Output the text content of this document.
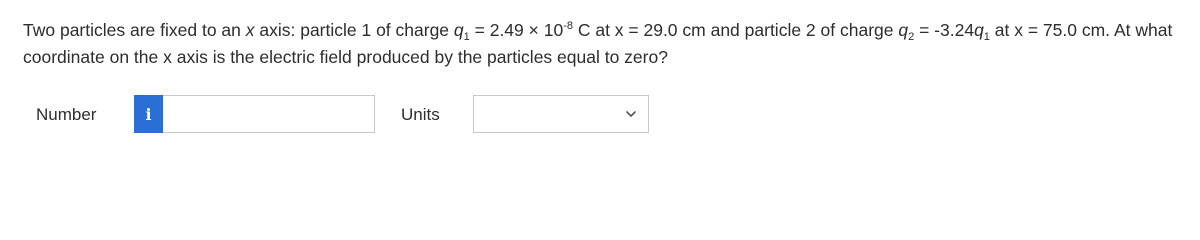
Two particles are fixed to an x axis: particle 1 of charge $q_1 = 2.49 \times 10^{-8}$ C at x = 29.0 cm and particle 2 of charge $q_2 = -3.24q_1$ at x = 75.0 cm. At what coordinate on the x axis is the electric field produced by the particles equal to zero?
Number	i	Units
